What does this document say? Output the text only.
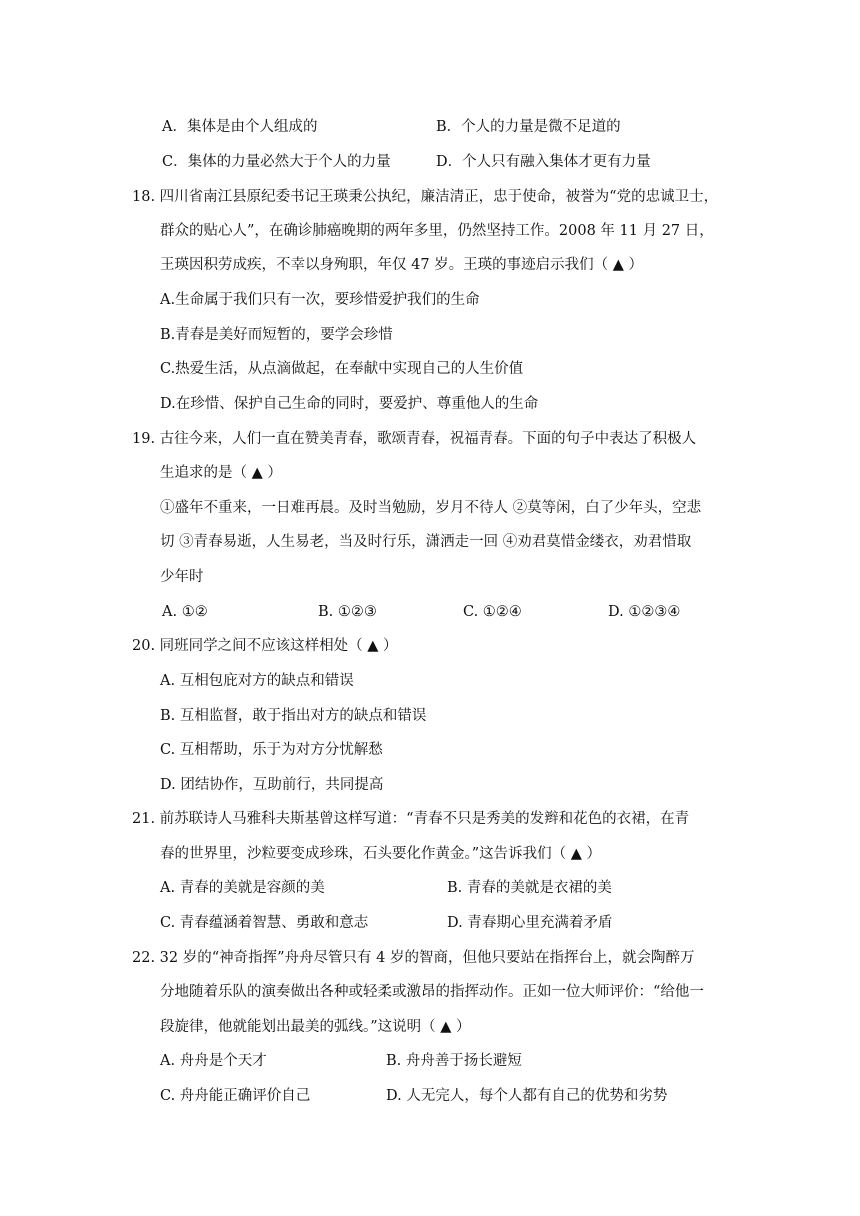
A．集体是由个人组成的	B．个人的力量是微不足道的
C．集体的力量必然大于个人的力量	D．个人只有融入集体才更有力量
18. 四川省南江县原纪委书记王瑛秉公执纪，廉洁清正，忠于使命，被誉为“党的忠诚卫士，
群众的贴心人”，在确诊肺癌晚期的两年多里，仍然坚持工作。2008 年 11 月 27 日，
王瑛因积劳成疾，不幸以身殉职，年仅 47 岁。王瑛的事迹启示我们（ ▲ ）
A.生命属于我们只有一次，要珍惜爱护我们的生命
B.青春是美好而短暂的，要学会珍惜
C.热爱生活，从点滴做起，在奉献中实现自己的人生价值
D.在珍惜、保护自己生命的同时，要爱护、尊重他人的生命
19. 古往今来，人们一直在赞美青春，歌颂青春，祝福青春。下面的句子中表达了积极人
生追求的是（ ▲ ）
①盛年不重来，一日难再晨。及时当勉励，岁月不待人 ②莫等闲，白了少年头，空悲
切 ③青春易逝，人生易老，当及时行乐，潇洒走一回 ④劝君莫惜金缕衣，劝君惜取
少年时
A. ①②	B. ①②③	C. ①②④	D. ①②③④
20. 同班同学之间不应该这样相处（ ▲ ）
A. 互相包庇对方的缺点和错误
B. 互相监督，敢于指出对方的缺点和错误
C. 互相帮助，乐于为对方分忧解愁
D. 团结协作，互助前行，共同提高
21. 前苏联诗人马雅科夫斯基曾这样写道：“青春不只是秀美的发辫和花色的衣裙，在青
春的世界里，沙粒要变成珍珠，石头要化作黄金。”这告诉我们（ ▲ ）
A. 青春的美就是容颜的美	B. 青春的美就是衣裙的美
C. 青春蕴涵着智慧、勇敢和意志	D. 青春期心里充满着矛盾
22. 32 岁的“神奇指挥”舟舟尽管只有 4 岁的智商，但他只要站在指挥台上，就会陶醉万
分地随着乐队的演奏做出各种或轻柔或激昂的指挥动作。正如一位大师评价：“给他一
段旋律，他就能划出最美的弧线。”这说明（ ▲ ）
A. 舟舟是个天才	B. 舟舟善于扬长避短
C. 舟舟能正确评价自己	D. 人无完人，每个人都有自己的优势和劣势
